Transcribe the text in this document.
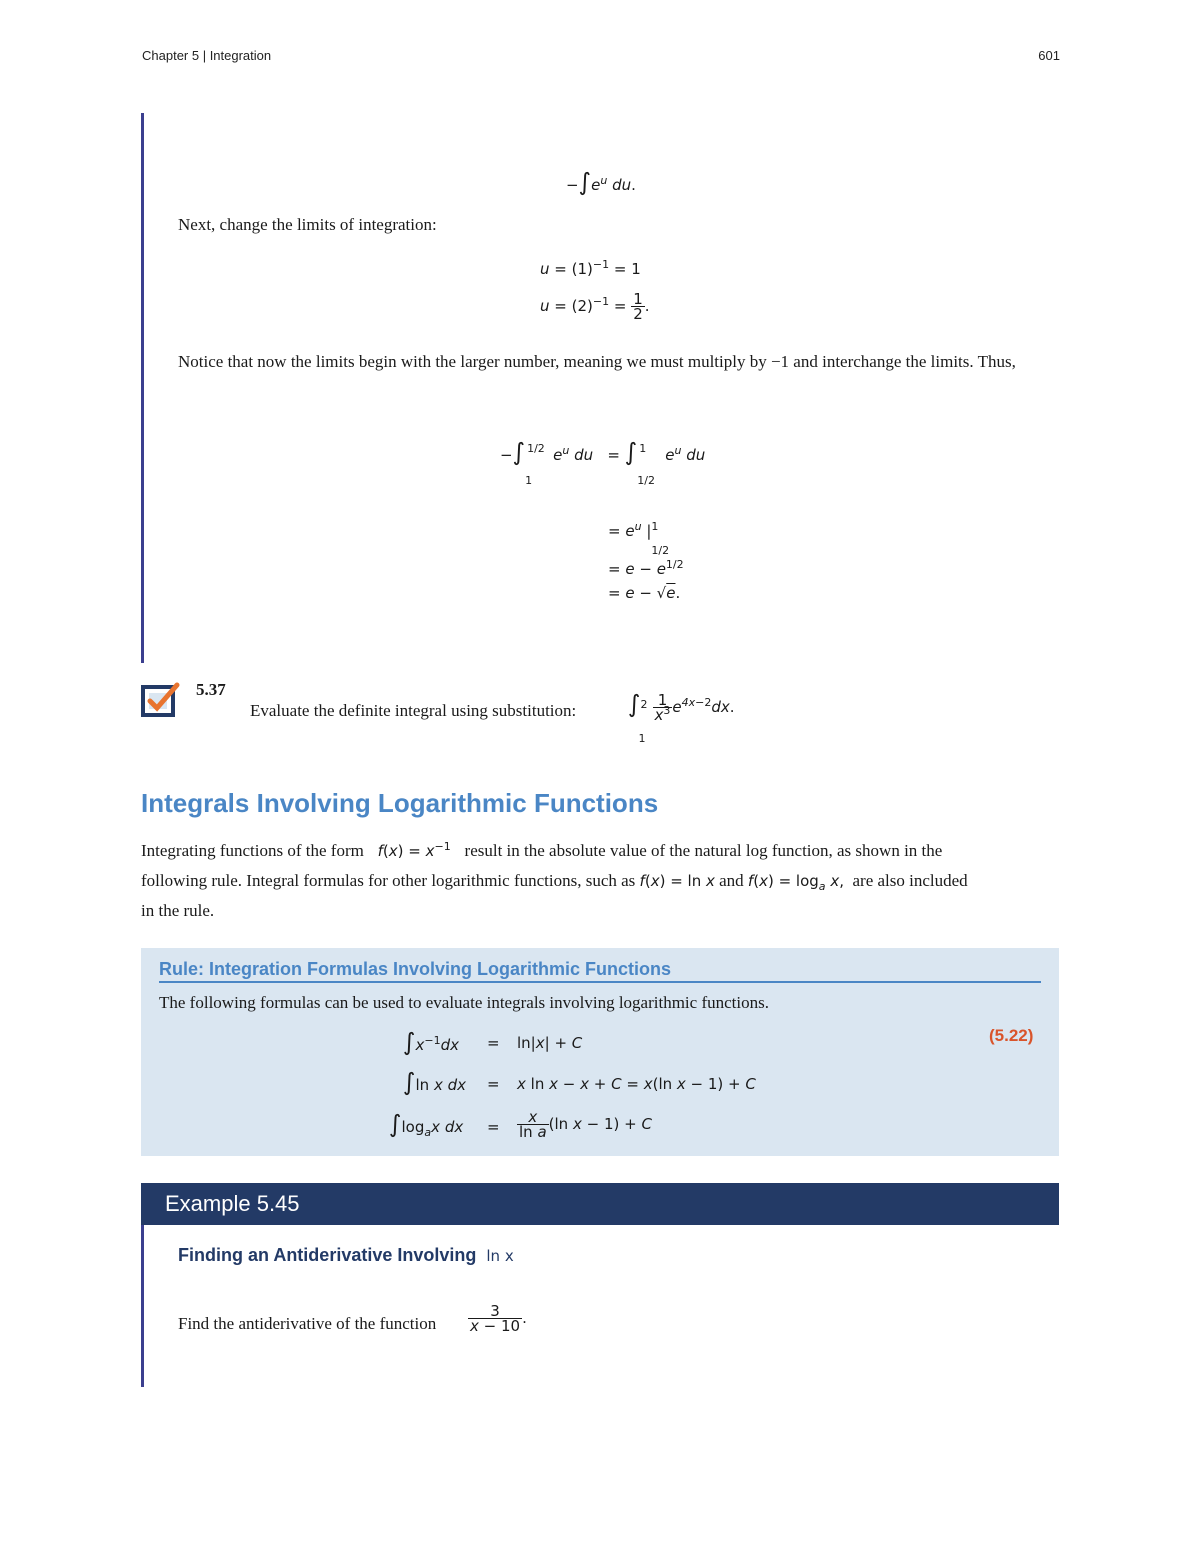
Chapter 5 | Integration	601
$-\int e^u$ du.
Next, change the limits of integration:
$u = (1)^{-1} = 1$
$u = (2)^{-1} = \frac{1}{2}$ .
Notice that now the limits begin with the larger number, meaning we must multiply by −1 and interchange the limits. Thus,
−∫ 1/2
1
$e^u$ du   = ∫ 1
1/2
$e^u$ du
= $e^u$ | 1
1/2
= $e - e^{1/2}$
= e − √e.
5.37
Evaluate the definite integral using substitution: ∫ 2
1
$\frac{1}{x^3} e^{4x-2}dx$.
Integrals Involving Logarithmic Functions
Integrating functions of the form $f(x) = x^{-1}$ result in the absolute value of the natural log function, as shown in the
following rule. Integral formulas for other logarithmic functions, such as f(x) = ln x and $f(x) = \log_a x$, are also included
in the rule.
Rule: Integration Formulas Involving Logarithmic Functions
The following formulas can be used to evaluate integrals involving logarithmic functions.
$\int x^{-1}dx = \ln|x| + C$
∫ln x dx = x ln x − x + C = x(ln x − 1) + C
$\int\log_ax$ dx = $\frac{x}{\text{ln a}} (\ln$ x − 1) + C
(5.22)
Example 5.45
Finding an Antiderivative Involving ln x
Find the antiderivative of the function $\frac{3}{x - 10}$ .
